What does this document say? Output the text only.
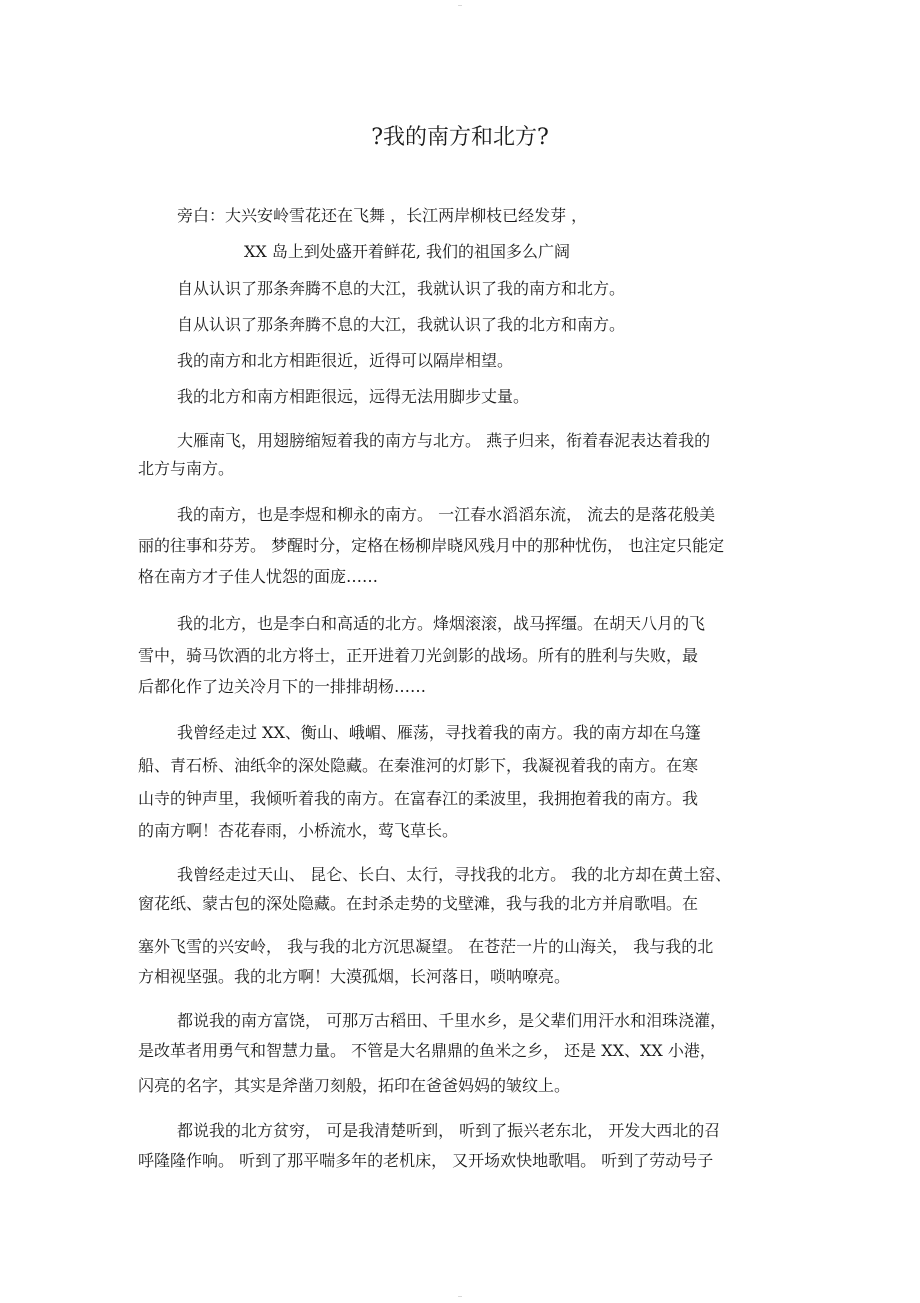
--
?我的南方和北方?
旁白：大兴安岭雪花还在飞舞 ，长江两岸柳枝已经发芽 ，
XX 岛上到处盛开着鲜花, 我们的祖国多么广阔
自从认识了那条奔腾不息的大江，我就认识了我的南方和北方。
自从认识了那条奔腾不息的大江，我就认识了我的北方和南方。
我的南方和北方相距很近，近得可以隔岸相望。
我的北方和南方相距很远，远得无法用脚步丈量。
大雁南飞，用翅膀缩短着我的南方与北方。 燕子归来，衔着春泥表达着我的
北方与南方。
我的南方，也是李煜和柳永的南方。 一江春水滔滔东流， 流去的是落花般美
丽的往事和芬芳。 梦醒时分，定格在杨柳岸晓风残月中的那种忧伤， 也注定只能定
格在南方才子佳人忧怨的面庞……
我的北方，也是李白和高适的北方。烽烟滚滚，战马挥缰。在胡天八月的飞
雪中，骑马饮酒的北方将士，正开进着刀光剑影的战场。所有的胜利与失败，最
后都化作了边关冷月下的一排排胡杨……
我曾经走过 XX、衡山、峨嵋、雁荡，寻找着我的南方。我的南方却在乌篷
船、青石桥、油纸伞的深处隐藏。在秦淮河的灯影下，我凝视着我的南方。在寒
山寺的钟声里，我倾听着我的南方。在富春江的柔波里，我拥抱着我的南方。我
的南方啊！杏花春雨，小桥流水，莺飞草长。
我曾经走过天山、 昆仑、长白、太行，寻找我的北方。 我的北方却在黄土窑、
窗花纸、蒙古包的深处隐藏。在封杀走势的戈壁滩，我与我的北方并肩歌唱。在
塞外飞雪的兴安岭， 我与我的北方沉思凝望。 在苍茫一片的山海关， 我与我的北
方相视坚强。我的北方啊！大漠孤烟，长河落日，唢呐嘹亮。
都说我的南方富饶， 可那万古稻田、千里水乡，是父辈们用汗水和泪珠浇灌，
是改革者用勇气和智慧力量。 不管是大名鼎鼎的鱼米之乡， 还是 XX、XX 小港，
闪亮的名字，其实是斧凿刀刻般，拓印在爸爸妈妈的皱纹上。
都说我的北方贫穷， 可是我清楚听到， 听到了振兴老东北， 开发大西北的召
呼隆隆作响。 听到了那平喘多年的老机床， 又开场欢快地歌唱。 听到了劳动号子
--
